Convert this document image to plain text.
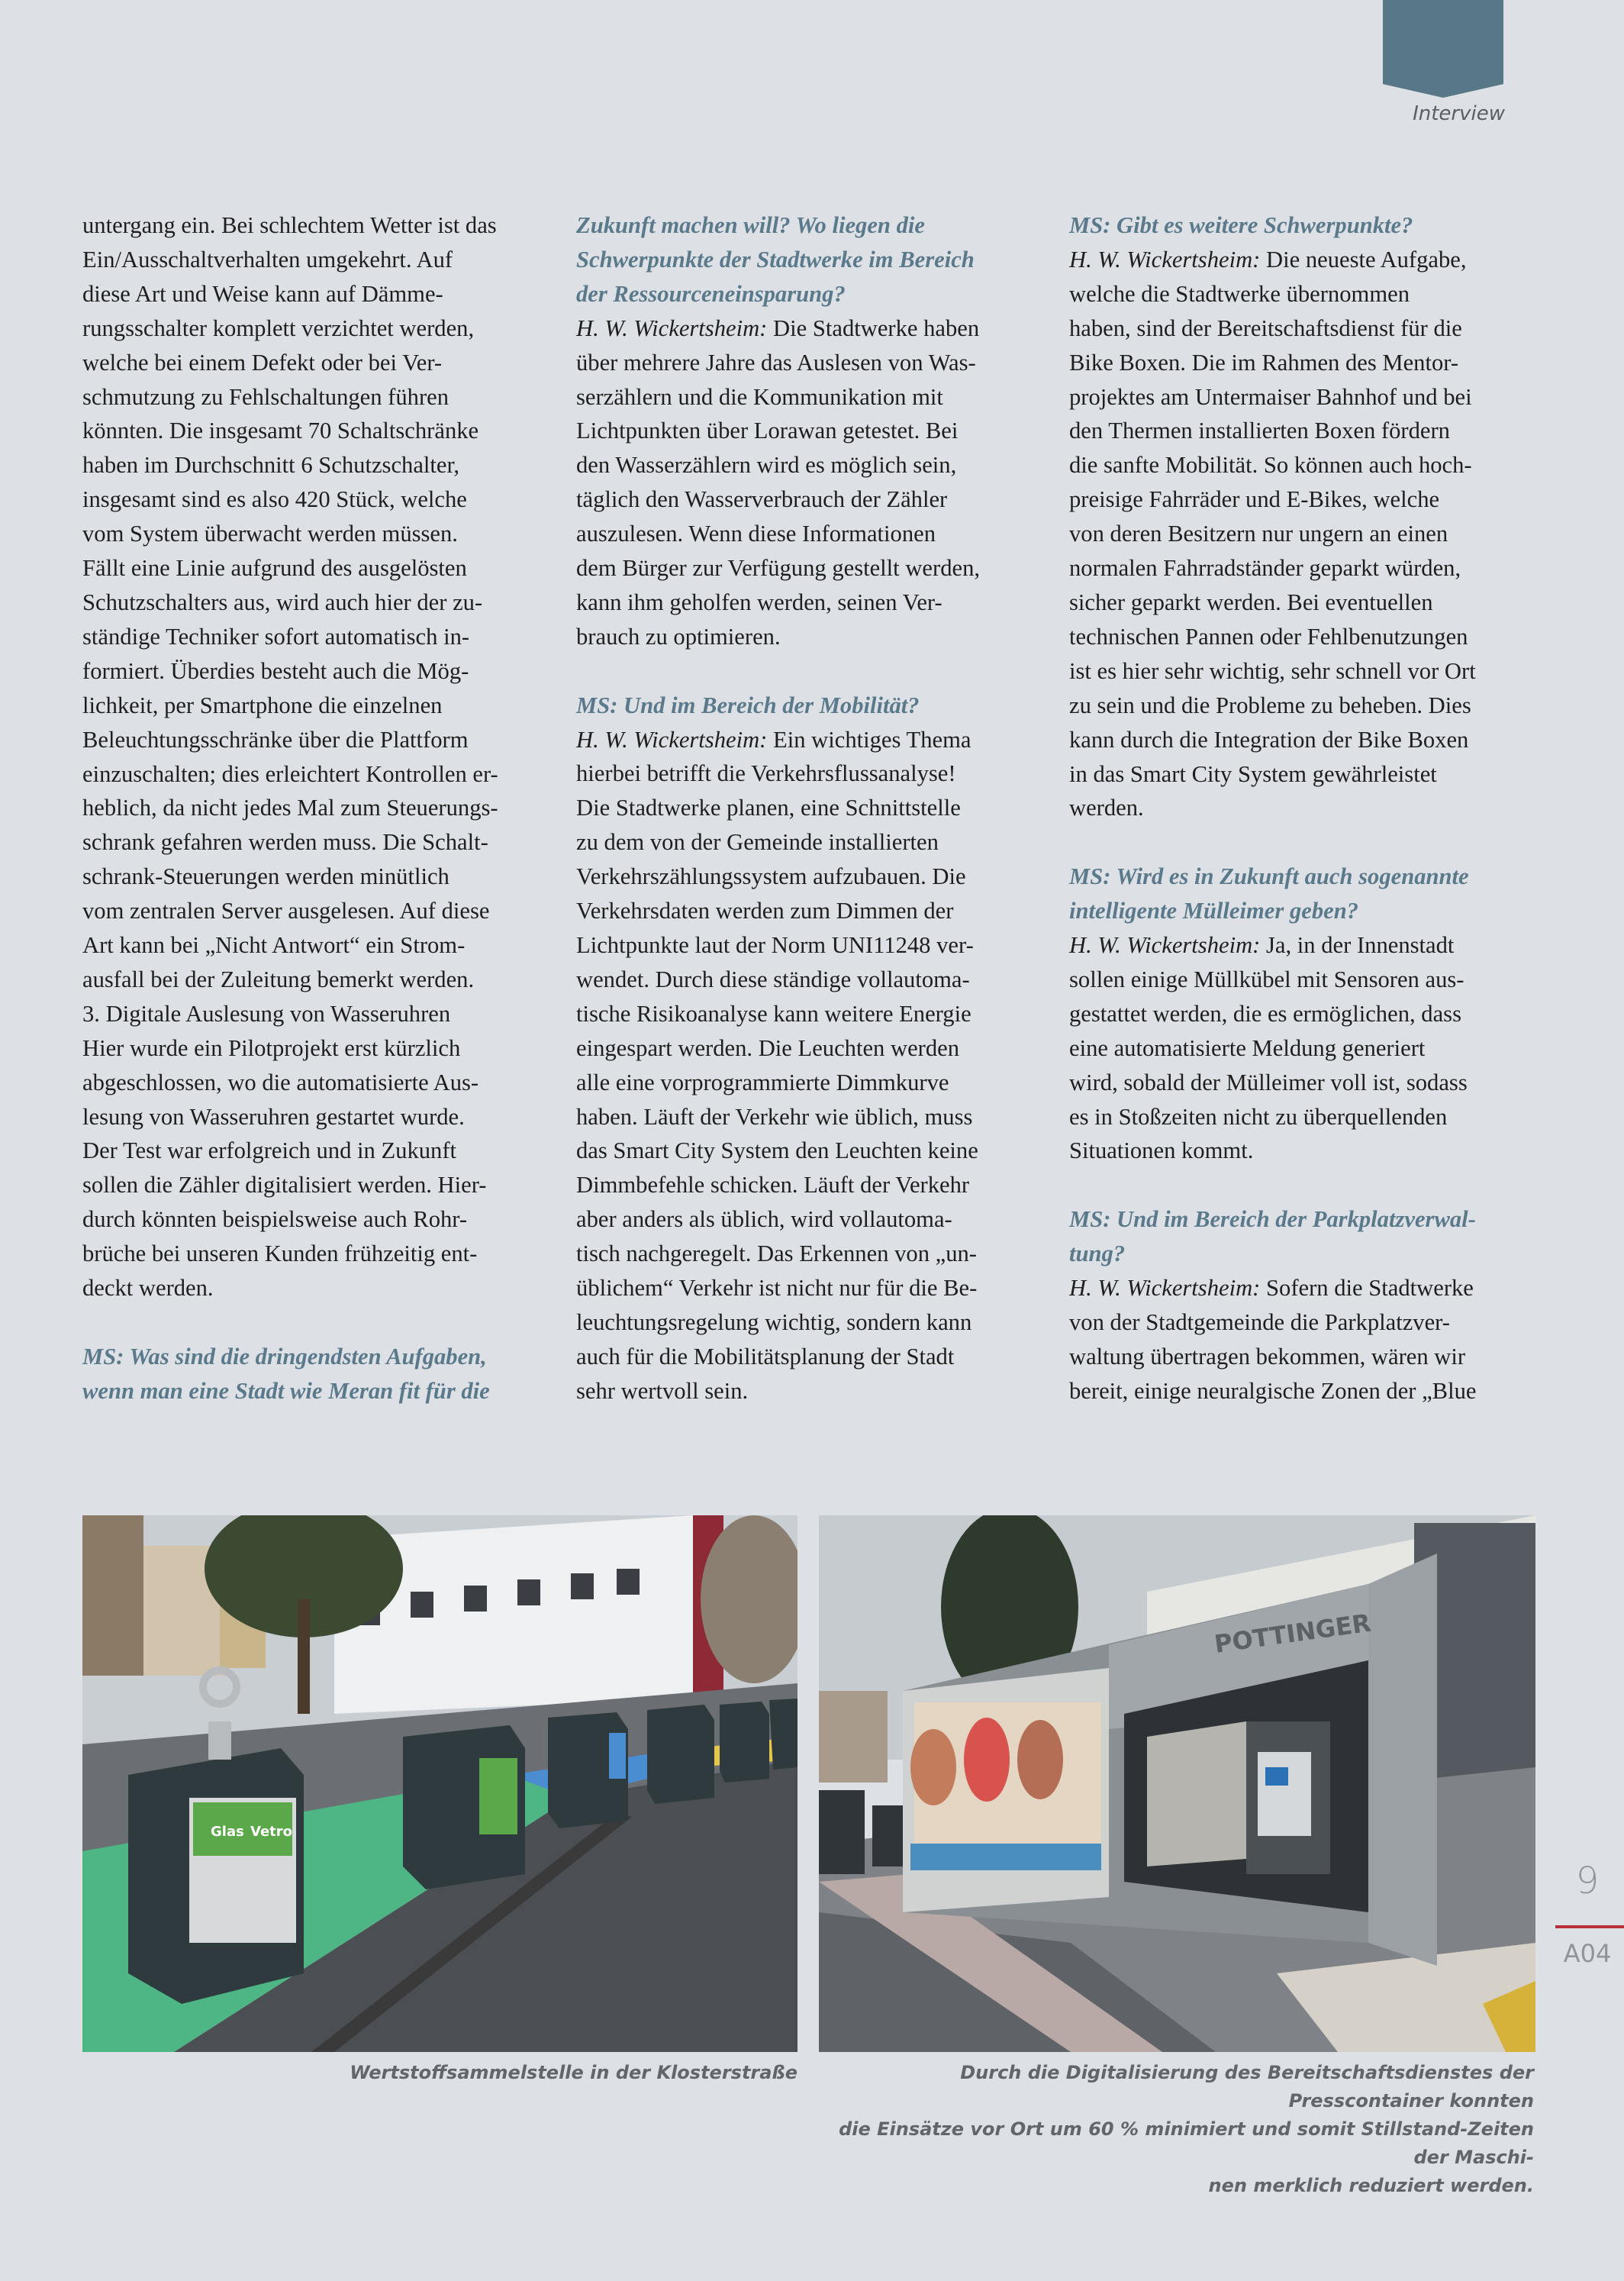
Interview

untergang ein. Bei schlechtem Wetter ist das
Ein/Ausschaltverhalten umgekehrt. Auf
diese Art und Weise kann auf Dämme-
rungsschalter komplett verzichtet werden,
welche bei einem Defekt oder bei Ver-
schmutzung zu Fehlschaltungen führen
könnten. Die insgesamt 70 Schaltschränke
haben im Durchschnitt 6 Schutzschalter,
insgesamt sind es also 420 Stück, welche
vom System überwacht werden müssen.
Fällt eine Linie aufgrund des ausgelösten
Schutzschalters aus, wird auch hier der zu-
ständige Techniker sofort automatisch in-
formiert. Überdies besteht auch die Mög-
lichkeit, per Smartphone die einzelnen
Beleuchtungsschränke über die Plattform
einzuschalten; dies erleichtert Kontrollen er-
heblich, da nicht jedes Mal zum Steuerungs-
schrank gefahren werden muss. Die Schalt-
schrank-Steuerungen werden minütlich
vom zentralen Server ausgelesen. Auf diese
Art kann bei „Nicht Antwort“ ein Strom-
ausfall bei der Zuleitung bemerkt werden.
3. Digitale Auslesung von Wasseruhren
Hier wurde ein Pilotprojekt erst kürzlich
abgeschlossen, wo die automatisierte Aus-
lesung von Wasseruhren gestartet wurde.
Der Test war erfolgreich und in Zukunft
sollen die Zähler digitalisiert werden. Hier-
durch könnten beispielsweise auch Rohr-
brüche bei unseren Kunden frühzeitig ent-
deckt werden.

MS: Was sind die dringendsten Aufgaben,
wenn man eine Stadt wie Meran fit für die

Zukunft machen will? Wo liegen die
Schwerpunkte der Stadtwerke im Bereich
der Ressourceneinsparung?

H. W. Wickertsheim: Die Stadtwerke haben
über mehrere Jahre das Auslesen von Was-
serzählern und die Kommunikation mit
Lichtpunkten über Lorawan getestet. Bei
den Wasserzählern wird es möglich sein,
täglich den Wasserverbrauch der Zähler
auszulesen. Wenn diese Informationen
dem Bürger zur Verfügung gestellt werden,
kann ihm geholfen werden, seinen Ver-
brauch zu optimieren.

MS: Und im Bereich der Mobilität?

H. W. Wickertsheim: Ein wichtiges Thema
hierbei betrifft die Verkehrsflussanalyse!
Die Stadtwerke planen, eine Schnittstelle
zu dem von der Gemeinde installierten
Verkehrszählungssystem aufzubauen. Die
Verkehrsdaten werden zum Dimmen der
Lichtpunkte laut der Norm UNI11248 ver-
wendet. Durch diese ständige vollautoma-
tische Risikoanalyse kann weitere Energie
eingespart werden. Die Leuchten werden
alle eine vorprogrammierte Dimmkurve
haben. Läuft der Verkehr wie üblich, muss
das Smart City System den Leuchten keine
Dimmbefehle schicken. Läuft der Verkehr
aber anders als üblich, wird vollautoma-
tisch nachgeregelt. Das Erkennen von „un-
üblichem“ Verkehr ist nicht nur für die Be-
leuchtungsregelung wichtig, sondern kann
auch für die Mobilitätsplanung der Stadt
sehr wertvoll sein.

MS: Gibt es weitere Schwerpunkte?

H. W. Wickertsheim: Die neueste Aufgabe,
welche die Stadtwerke übernommen
haben, sind der Bereitschaftsdienst für die
Bike Boxen. Die im Rahmen des Mentor-
projektes am Untermaiser Bahnhof und bei
den Thermen installierten Boxen fördern
die sanfte Mobilität. So können auch hoch-
preisige Fahrräder und E-Bikes, welche
von deren Besitzern nur ungern an einen
normalen Fahrradständer geparkt würden,
sicher geparkt werden. Bei eventuellen
technischen Pannen oder Fehlbenutzungen
ist es hier sehr wichtig, sehr schnell vor Ort
zu sein und die Probleme zu beheben. Dies
kann durch die Integration der Bike Boxen
in das Smart City System gewährleistet
werden.

MS: Wird es in Zukunft auch sogenannte
intelligente Mülleimer geben?

H. W. Wickertsheim: Ja, in der Innenstadt
sollen einige Müllkübel mit Sensoren aus-
gestattet werden, die es ermöglichen, dass
eine automatisierte Meldung generiert
wird, sobald der Mülleimer voll ist, sodass
es in Stoßzeiten nicht zu überquellenden
Situationen kommt.

MS: Und im Bereich der Parkplatzverwal-
tung?

H. W. Wickertsheim: Sofern die Stadtwerke
von der Stadtgemeinde die Parkplatzver-
waltung übertragen bekommen, wären wir
bereit, einige neuralgische Zonen der „Blue

Glas Vetro
POTTINGER
Wertstoffsammelstelle in der Klosterstraße	Durch die Digitalisierung des Bereitschaftsdienstes der Presscontainer konnten
die Einsätze vor Ort um 60 % minimiert und somit Stillstand-Zeiten der Maschi-
nen merklich reduziert werden.
9
A04
